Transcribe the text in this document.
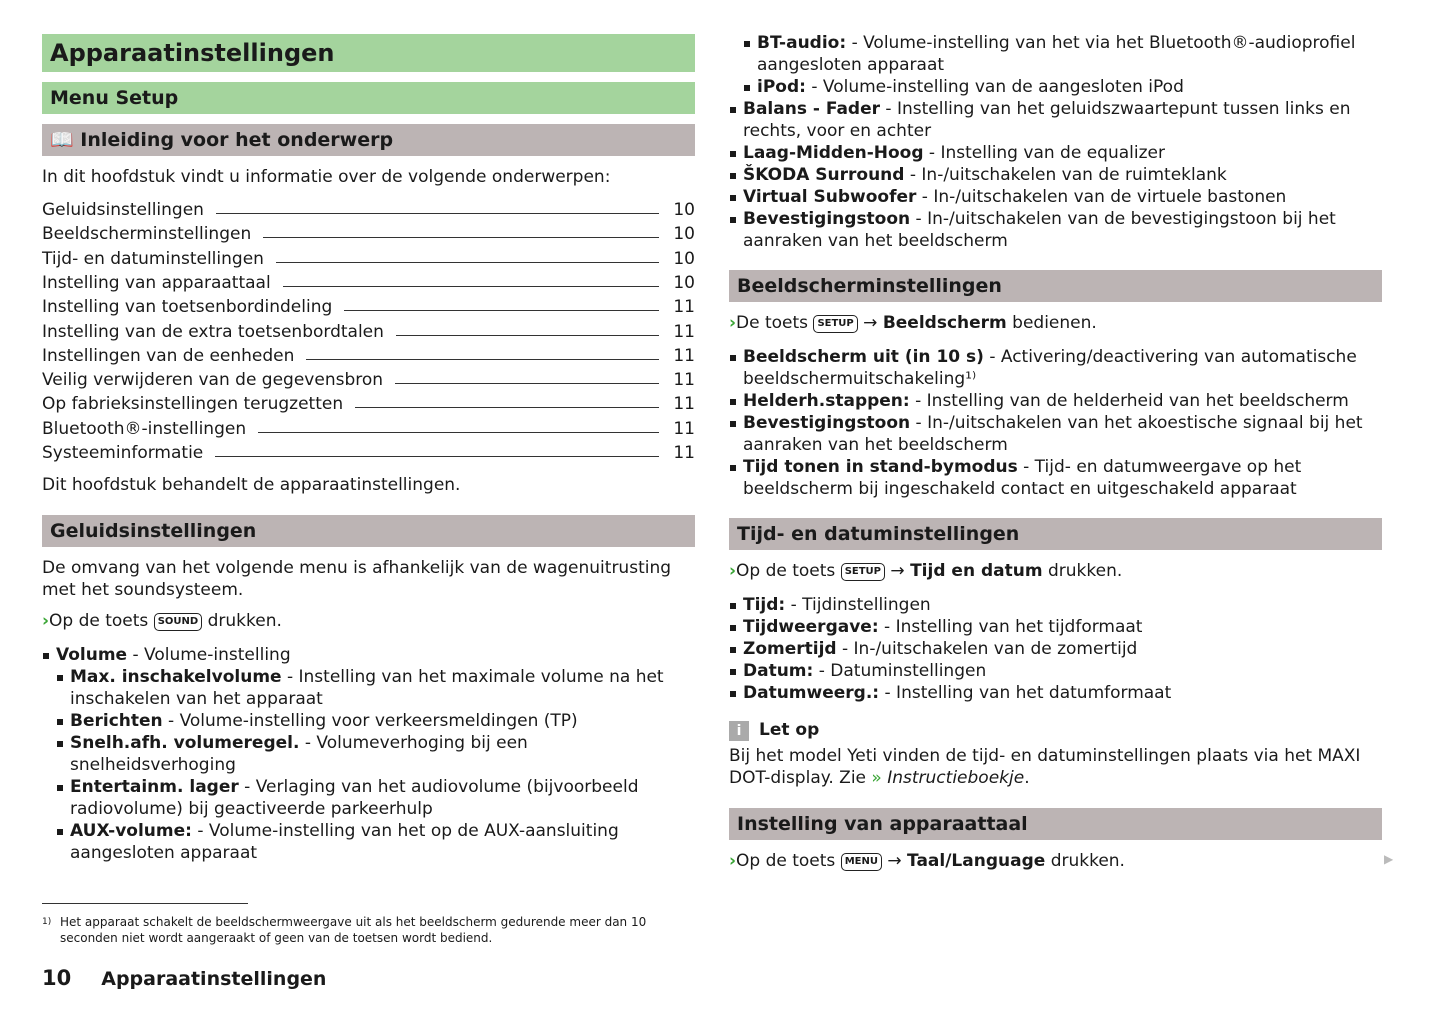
Apparaatinstellingen
Menu Setup
📖 Inleiding voor het onderwerp
In dit hoofdstuk vindt u informatie over de volgende onderwerpen:
Geluidsinstellingen	10
Beeldscherminstellingen	10
Tijd- en datuminstellingen	10
Instelling van apparaattaal	10
Instelling van toetsenbordindeling	11
Instelling van de extra toetsenbordtalen	11
Instellingen van de eenheden	11
Veilig verwijderen van de gegevensbron	11
Op fabrieksinstellingen terugzetten	11
Bluetooth®-instellingen	11
Systeeminformatie	11
Dit hoofdstuk behandelt de apparaatinstellingen.
Geluidsinstellingen
De omvang van het volgende menu is afhankelijk van de wagenuitrusting met het soundsysteem.
›Op de toets SOUND drukken.
Volume - Volume-instelling
Max. inschakelvolume - Instelling van het maximale volume na het inschakelen van het apparaat
Berichten - Volume-instelling voor verkeersmeldingen (TP)
Snelh.afh. volumeregel. - Volumeverhoging bij een snelheidsverhoging
Entertainm. lager - Verlaging van het audiovolume (bijvoorbeeld radiovolume) bij geactiveerde parkeerhulp
AUX-volume: - Volume-instelling van het op de AUX-aansluiting aangesloten apparaat
1) Het apparaat schakelt de beeldschermweergave uit als het beeldscherm gedurende meer dan 10 seconden niet wordt aangeraakt of geen van de toetsen wordt bediend.
10 Apparaatinstellingen
BT-audio: - Volume-instelling van het via het Bluetooth®-audioprofiel aangesloten apparaat
iPod: - Volume-instelling van de aangesloten iPod
Balans - Fader - Instelling van het geluidszwaartepunt tussen links en rechts, voor en achter
Laag-Midden-Hoog - Instelling van de equalizer
ŠKODA Surround - In-/uitschakelen van de ruimteklank
Virtual Subwoofer - In-/uitschakelen van de virtuele bastonen
Bevestigingstoon - In-/uitschakelen van de bevestigingstoon bij het aanraken van het beeldscherm
Beeldscherminstellingen
›De toets SETUP → Beeldscherm bedienen.
Beeldscherm uit (in 10 s) - Activering/deactivering van automatische beeldschermuitschakeling¹⁾
Helderh.stappen: - Instelling van de helderheid van het beeldscherm
Bevestigingstoon - In-/uitschakelen van het akoestische signaal bij het aanraken van het beeldscherm
Tijd tonen in stand-bymodus - Tijd- en datumweergave op het beeldscherm bij ingeschakeld contact en uitgeschakeld apparaat
Tijd- en datuminstellingen
›Op de toets SETUP → Tijd en datum drukken.
Tijd: - Tijdinstellingen
Tijdweergave: - Instelling van het tijdformaat
Zomertijd - In-/uitschakelen van de zomertijd
Datum: - Datuminstellingen
Datumweerg.: - Instelling van het datumformaat
i Let op
Bij het model Yeti vinden de tijd- en datuminstellingen plaats via het MAXI DOT-display. Zie » Instructieboekje.
Instelling van apparaattaal
›Op de toets MENU → Taal/Language drukken.	▶
